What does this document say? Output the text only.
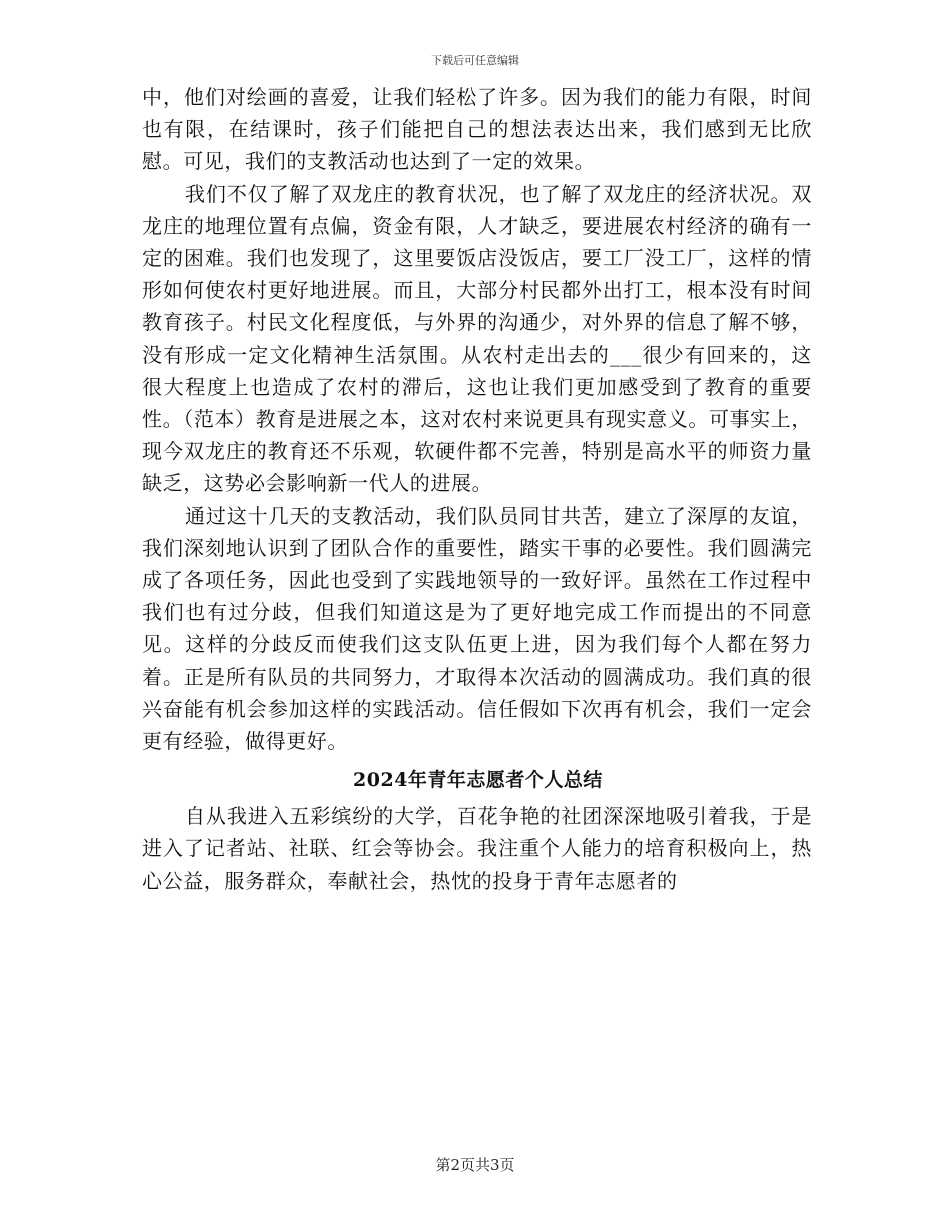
下载后可任意编辑

中，他们对绘画的喜爱，让我们轻松了许多。因为我们的能力有限，时间也有限，在结课时，孩子们能把自己的想法表达出来，我们感到无比欣慰。可见，我们的支教活动也达到了一定的效果。

我们不仅了解了双龙庄的教育状况，也了解了双龙庄的经济状况。双龙庄的地理位置有点偏，资金有限，人才缺乏，要进展农村经济的确有一定的困难。我们也发现了，这里要饭店没饭店，要工厂没工厂，这样的情形如何使农村更好地进展。而且，大部分村民都外出打工，根本没有时间教育孩子。村民文化程度低，与外界的沟通少，对外界的信息了解不够，没有形成一定文化精神生活氛围。从农村走出去的___很少有回来的，这很大程度上也造成了农村的滞后，这也让我们更加感受到了教育的重要性。（范本）教育是进展之本，这对农村来说更具有现实意义。可事实上，现今双龙庄的教育还不乐观，软硬件都不完善，特别是高水平的师资力量缺乏，这势必会影响新一代人的进展。

通过这十几天的支教活动，我们队员同甘共苦，建立了深厚的友谊，我们深刻地认识到了团队合作的重要性，踏实干事的必要性。我们圆满完成了各项任务，因此也受到了实践地领导的一致好评。虽然在工作过程中我们也有过分歧，但我们知道这是为了更好地完成工作而提出的不同意见。这样的分歧反而使我们这支队伍更上进，因为我们每个人都在努力着。正是所有队员的共同努力，才取得本次活动的圆满成功。我们真的很兴奋能有机会参加这样的实践活动。信任假如下次再有机会，我们一定会更有经验，做得更好。

2024年青年志愿者个人总结

自从我进入五彩缤纷的大学，百花争艳的社团深深地吸引着我，于是进入了记者站、社联、红会等协会。我注重个人能力的培育积极向上，热心公益，服务群众，奉献社会，热忱的投身于青年志愿者的

第2页共3页
